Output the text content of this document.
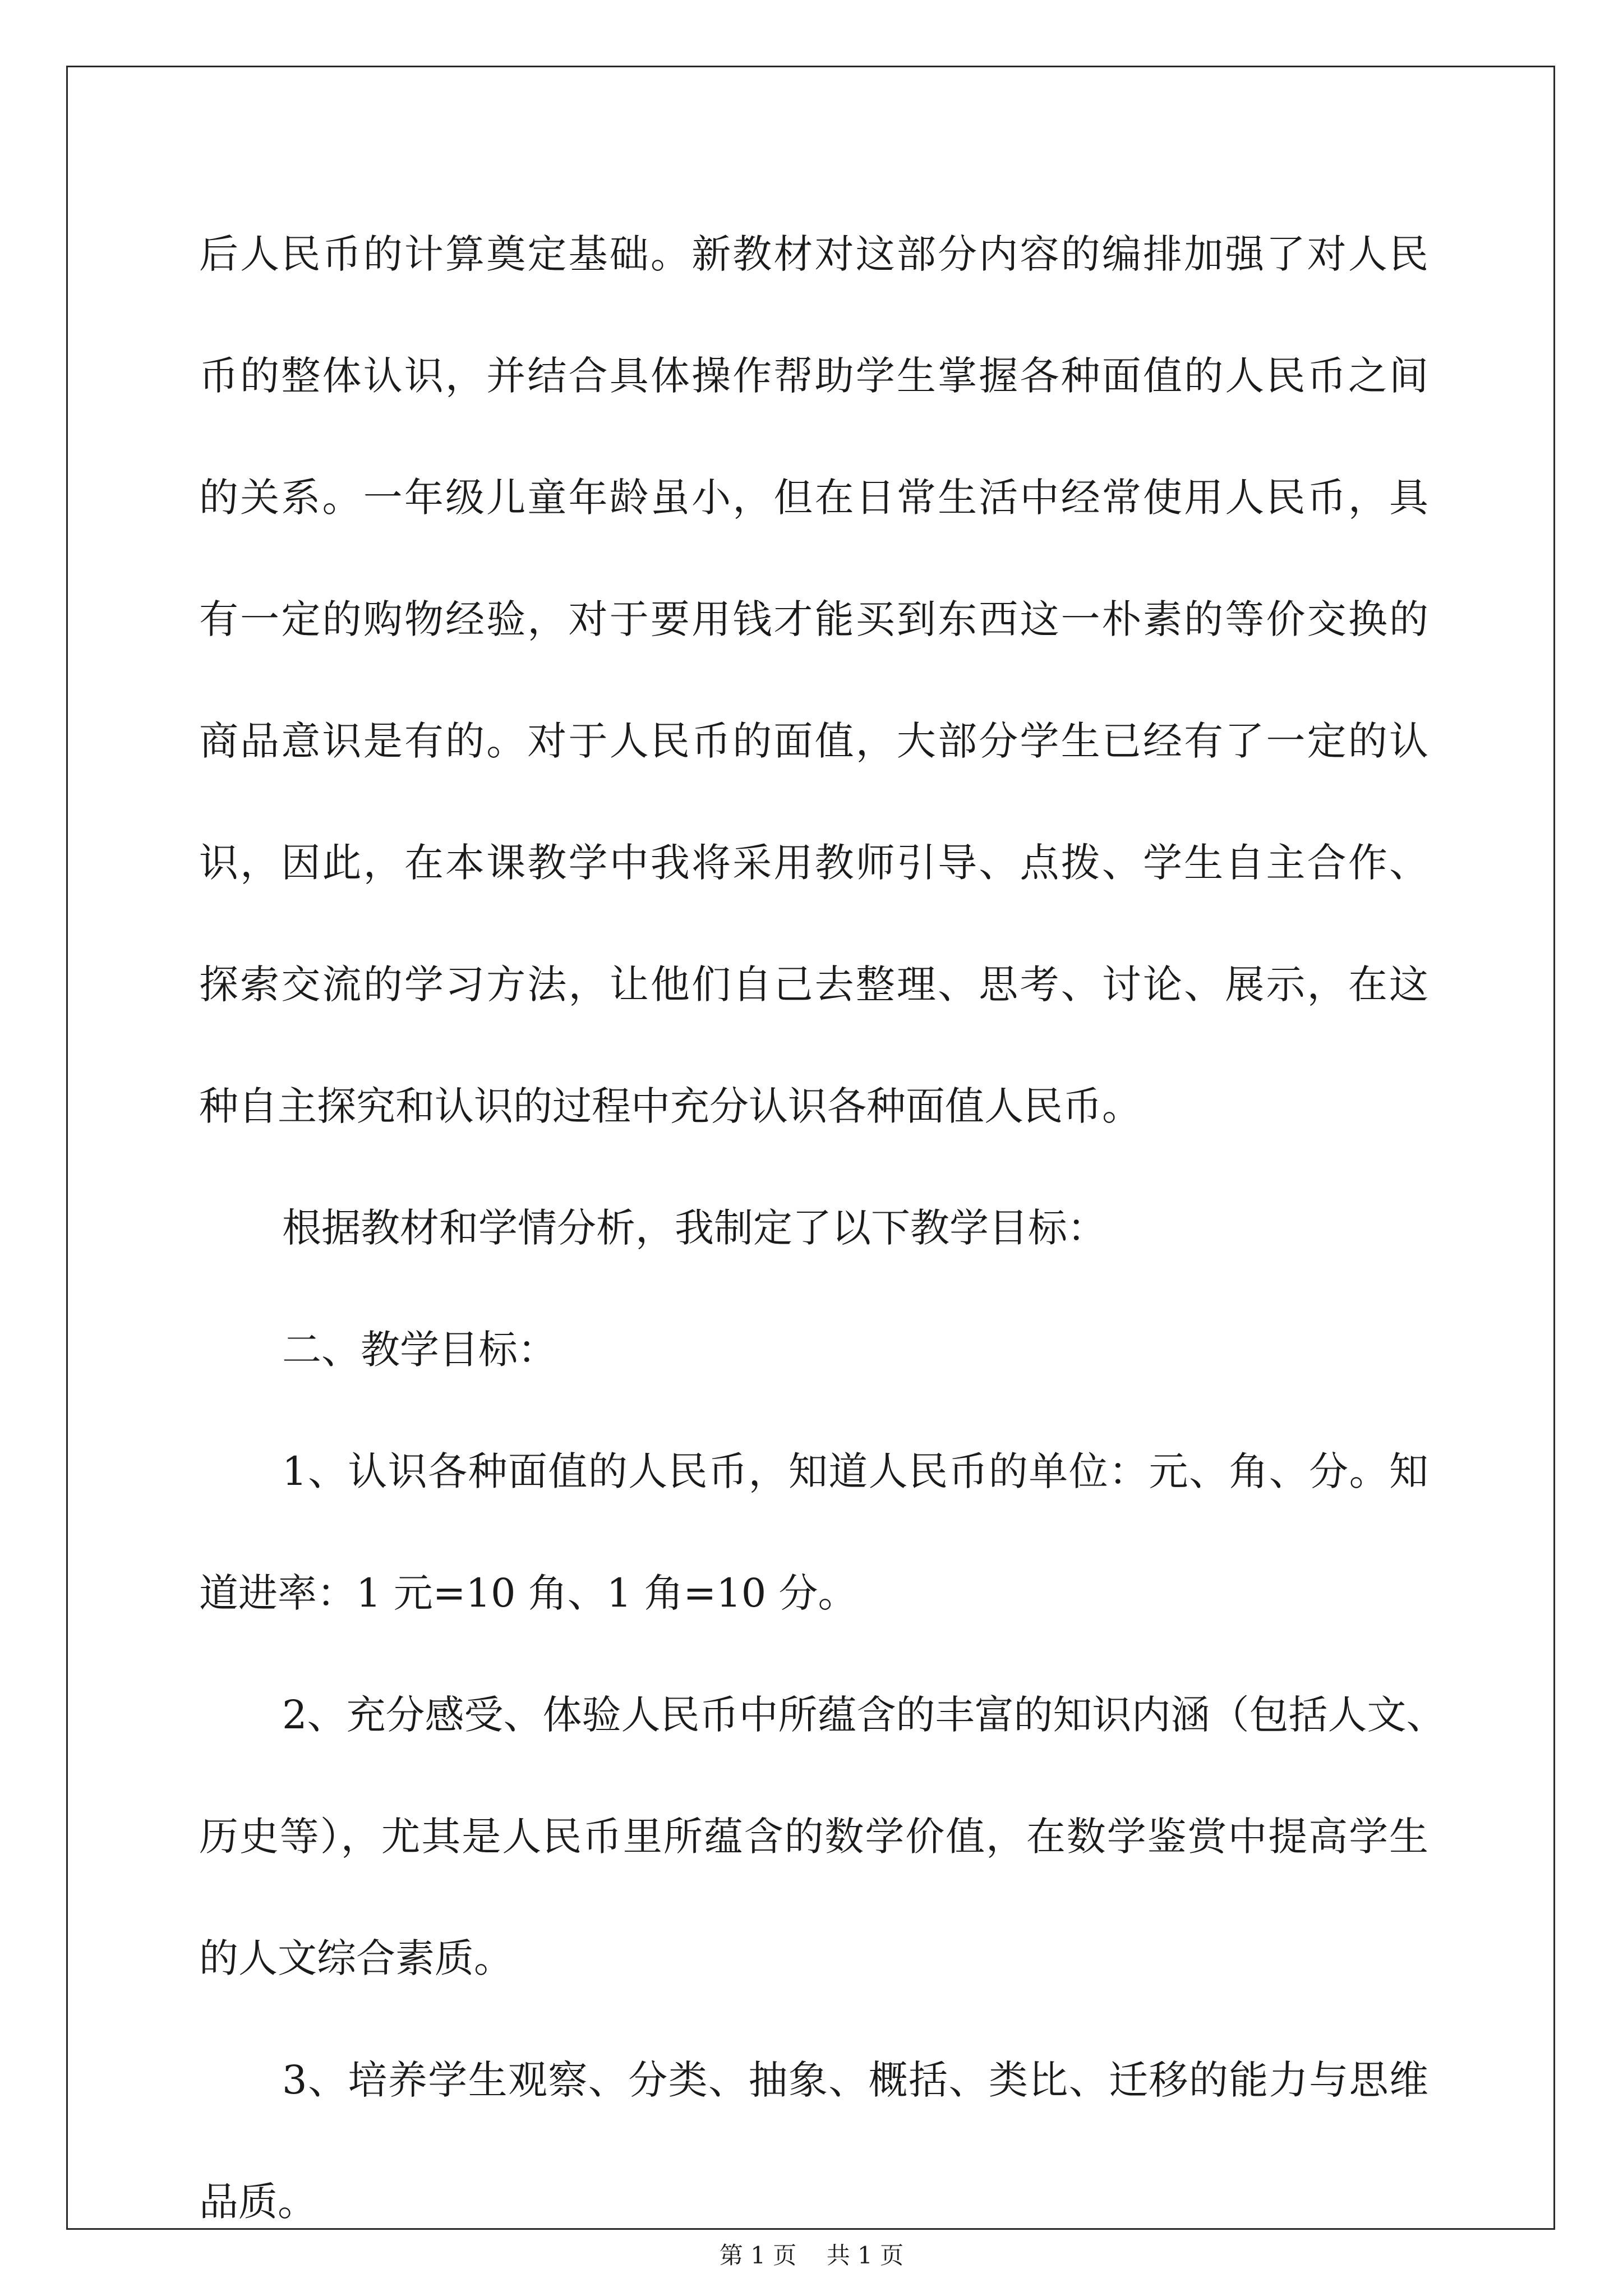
后人民币的计算奠定基础。新教材对这部分内容的编排加强了对人民
币的整体认识，并结合具体操作帮助学生掌握各种面值的人民币之间
的关系。一年级儿童年龄虽小，但在日常生活中经常使用人民币，具
有一定的购物经验，对于要用钱才能买到东西这一朴素的等价交换的
商品意识是有的。对于人民币的面值，大部分学生已经有了一定的认
识，因此，在本课教学中我将采用教师引导、点拨、学生自主合作、
探索交流的学习方法，让他们自己去整理、思考、讨论、展示，在这
种自主探究和认识的过程中充分认识各种面值人民币。
根据教材和学情分析，我制定了以下教学目标：
二、教学目标：
1、认识各种面值的人民币，知道人民币的单位：元、角、分。知
道进率：1 元=10 角、1 角=10 分。
2、充分感受、体验人民币中所蕴含的丰富的知识内涵（包括人文、
历史等），尤其是人民币里所蕴含的数学价值，在数学鉴赏中提高学生
的人文综合素质。
3、培养学生观察、分类、抽象、概括、类比、迁移的能力与思维
品质。
第 1 页    共 1 页
